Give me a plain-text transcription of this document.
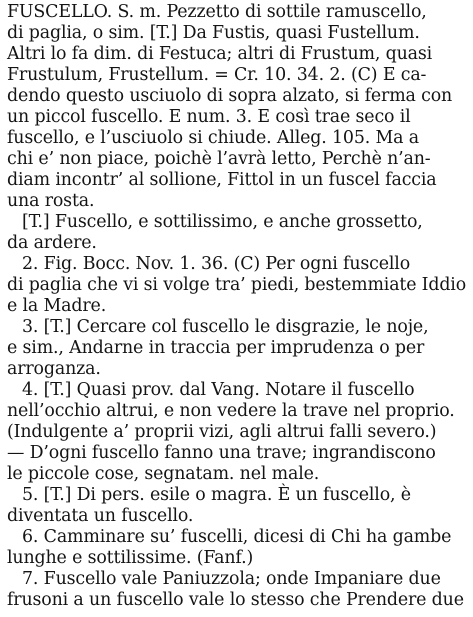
FUSCELLO. S. m. Pezzetto di sottile ramuscello,
di paglia, o sim. [T.] Da Fustis, quasi Fustellum.
Altri lo fa dim. di Festuca; altri di Frustum, quasi
Frustulum, Frustellum. = Cr. 10. 34. 2. (C) E ca-
dendo questo usciuolo di sopra alzato, si ferma con
un piccol fuscello. E num. 3. E così trae seco il
fuscello, e l’usciuolo si chiude. Alleg. 105. Ma a
chi e’ non piace, poichè l’avrà letto, Perchè n’an-
diam incontr’ al sollione, Fittol in un fuscel faccia
una rosta.
[T.] Fuscello, e sottilissimo, e anche grossetto,
da ardere.
2. Fig. Bocc. Nov. 1. 36. (C) Per ogni fuscello
di paglia che vi si volge tra’ piedi, bestemmiate Iddio
e la Madre.
3. [T.] Cercare col fuscello le disgrazie, le noje,
e sim., Andarne in traccia per imprudenza o per
arroganza.
4. [T.] Quasi prov. dal Vang. Notare il fuscello
nell’occhio altrui, e non vedere la trave nel proprio.
(Indulgente a’ proprii vizi, agli altrui falli severo.)
— D’ogni fuscello fanno una trave; ingrandiscono
le piccole cose, segnatam. nel male.
5. [T.] Di pers. esile o magra. È un fuscello, è
diventata un fuscello.
6. Camminare su’ fuscelli, dicesi di Chi ha gambe
lunghe e sottilissime. (Fanf.)
7. Fuscello vale Paniuzzola; onde Impaniare due
frusoni a un fuscello vale lo stesso che Prendere due
